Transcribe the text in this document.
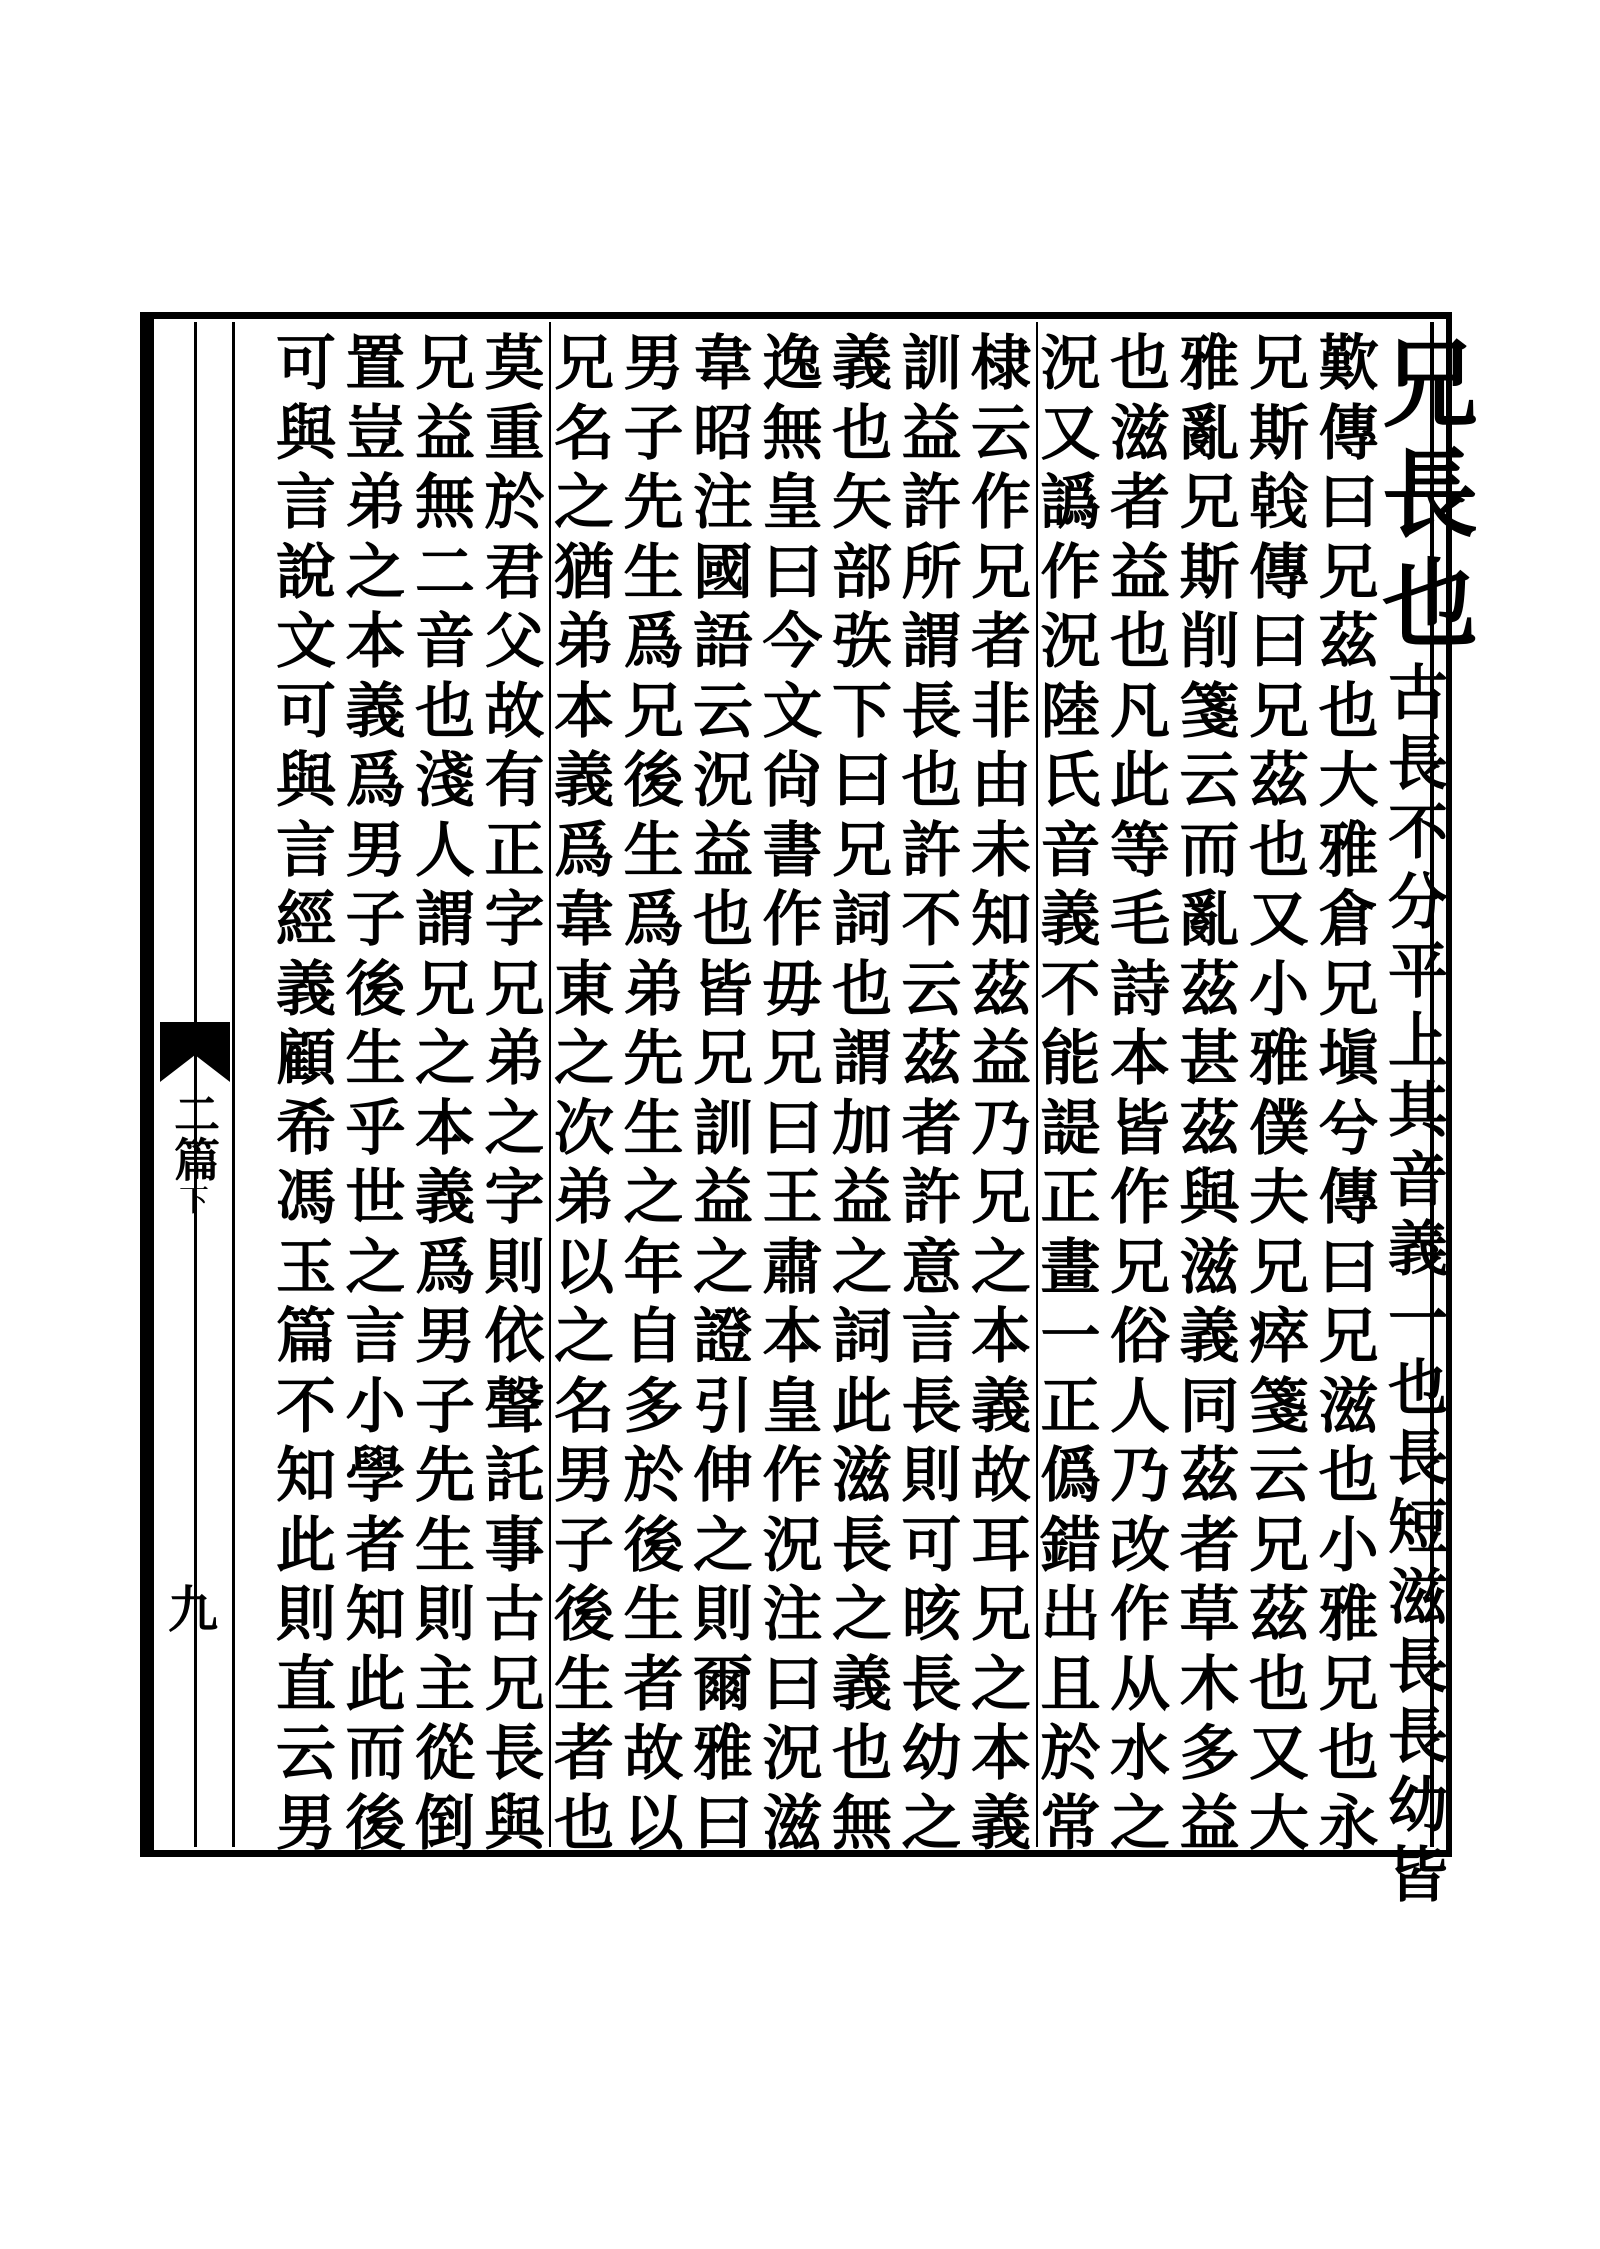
二篇
下
九
兄
長
也
古
長
不
分
平
上
其
音
義
一
也
長
短
滋
長
長
幼
皆
歎
傳
曰
兄
茲
也
大
雅
倉
兄
塡
兮
傳
曰
兄
滋
也
小
雅
兄
也
永
兄
斯
𢧢
傳
曰
兄
茲
也
又
小
雅
僕
夫
兄
瘁
箋
云
兄
茲
也
又
大
雅
亂
兄
斯
削
箋
云
而
亂
茲
甚
茲
與
滋
義
同
茲
者
草
木
多
益
也
滋
者
益
也
凡
此
等
毛
詩
本
皆
作
兄
俗
人
乃
改
作
从
水
之
況
又
譌
作
況
陸
氏
音
義
不
能
諟
正
畫
一
正
僞
錯
出
且
於
常
棣
云
作
兄
者
非
由
未
知
茲
益
乃
兄
之
本
義
故
耳
兄
之
本
義
訓
益
許
所
謂
長
也
許
不
云
茲
者
許
意
言
長
則
可
晐
長
幼
之
義
也
矢
部
矤
下
曰
兄
詞
也
謂
加
益
之
詞
此
滋
長
之
義
也
無
逸
無
皇
曰
今
文
尙
書
作
毋
兄
曰
王
肅
本
皇
作
況
注
曰
況
滋
韋
昭
注
國
語
云
況
益
也
皆
兄
訓
益
之
證
引
伸
之
則
爾
雅
曰
男
子
先
生
爲
兄
後
生
爲
弟
先
生
之
年
自
多
於
後
生
者
故
以
兄
名
之
猶
弟
本
義
爲
韋
東
之
次
弟
以
之
名
男
子
後
生
者
也
莫
重
於
君
父
故
有
正
字
兄
弟
之
字
則
依
聲
託
事
古
兄
長
與
兄
益
無
二
音
也
淺
人
謂
兄
之
本
義
爲
男
子
先
生
則
主
從
倒
置
豈
弟
之
本
義
爲
男
子
後
生
乎
世
之
言
小
學
者
知
此
而
後
可
與
言
說
文
可
與
言
經
義
顧
希
馮
玉
篇
不
知
此
則
直
云
男
